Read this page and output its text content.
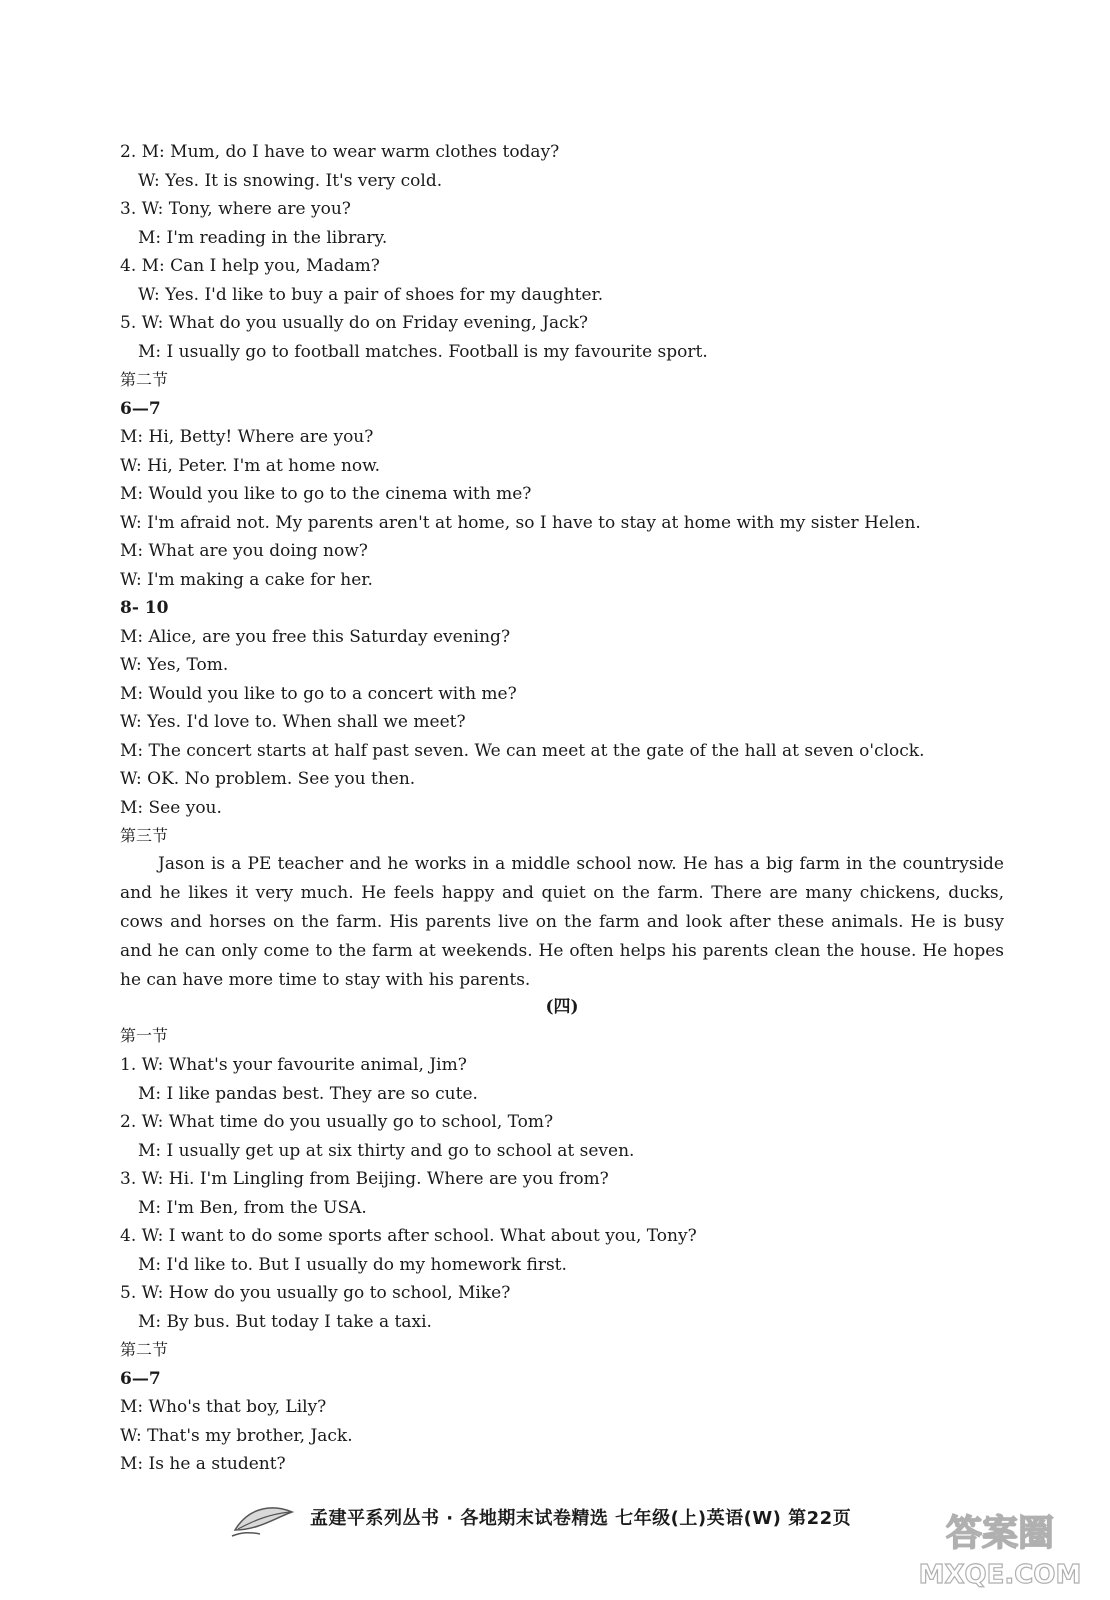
2. M: Mum, do I have to wear warm clothes today?
W: Yes. It is snowing. It's very cold.
3. W: Tony, where are you?
M: I'm reading in the library.
4. M: Can I help you, Madam?
W: Yes. I'd like to buy a pair of shoes for my daughter.
5. W: What do you usually do on Friday evening, Jack?
M: I usually go to football matches. Football is my favourite sport.
第二节
6—7
M: Hi, Betty! Where are you?
W: Hi, Peter. I'm at home now.
M: Would you like to go to the cinema with me?
W: I'm afraid not. My parents aren't at home, so I have to stay at home with my sister Helen.
M: What are you doing now?
W: I'm making a cake for her.
8- 10
M: Alice, are you free this Saturday evening?
W: Yes, Tom.
M: Would you like to go to a concert with me?
W: Yes. I'd love to. When shall we meet?
M: The concert starts at half past seven. We can meet at the gate of the hall at seven o'clock.
W: OK. No problem. See you then.
M: See you.
第三节
Jason is a PE teacher and he works in a middle school now. He has a big farm in the countryside and he likes it very much. He feels happy and quiet on the farm. There are many chickens, ducks, cows and horses on the farm. His parents live on the farm and look after these animals. He is busy and he can only come to the farm at weekends. He often helps his parents clean the house. He hopes he can have more time to stay with his parents.
(四)
第一节
1. W: What's your favourite animal, Jim?
M: I like pandas best. They are so cute.
2. W: What time do you usually go to school, Tom?
M: I usually get up at six thirty and go to school at seven.
3. W: Hi. I'm Lingling from Beijing. Where are you from?
M: I'm Ben, from the USA.
4. W: I want to do some sports after school. What about you, Tony?
M: I'd like to. But I usually do my homework first.
5. W: How do you usually go to school, Mike?
M: By bus. But today I take a taxi.
第二节
6—7
M: Who's that boy, Lily?
W: That's my brother, Jack.
M: Is he a student?
孟建平系列丛书 · 各地期末试卷精选 七年级(上)英语(W) 第22页	答案圈
MXQE.COM
